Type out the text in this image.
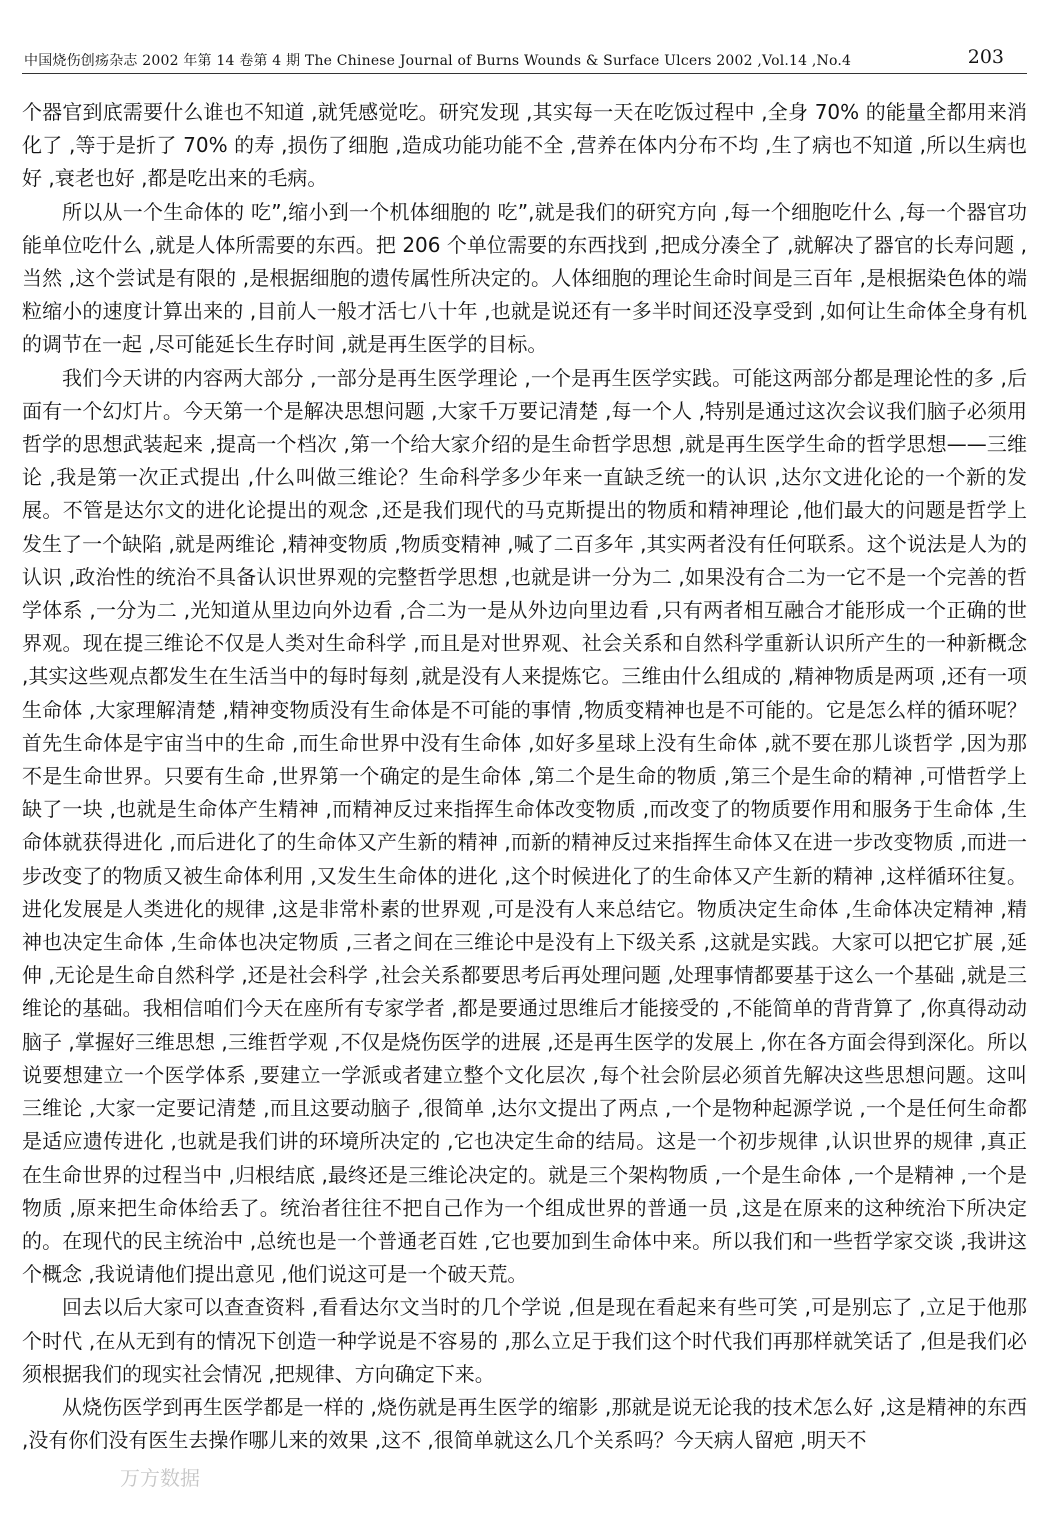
中国烧伤创疡杂志 2002 年第 14 卷第 4 期 The Chinese Journal of Burns Wounds & Surface Ulcers 2002 ,Vol.14 ,No.4	203

个器官到底需要什么谁也不知道 ,就凭感觉吃。研究发现 ,其实每一天在吃饭过程中 ,全身 70% 的能量全都用来消化了 ,等于是折了 70% 的寿 ,损伤了细胞 ,造成功能功能不全 ,营养在体内分布不均 ,生了病也不知道 ,所以生病也好 ,衰老也好 ,都是吃出来的毛病。

所以从一个生命体的 吃”,缩小到一个机体细胞的 吃”,就是我们的研究方向 ,每一个细胞吃什么 ,每一个器官功能单位吃什么 ,就是人体所需要的东西。把 206 个单位需要的东西找到 ,把成分凑全了 ,就解决了器官的长寿问题 ,当然 ,这个尝试是有限的 ,是根据细胞的遗传属性所决定的。人体细胞的理论生命时间是三百年 ,是根据染色体的端粒缩小的速度计算出来的 ,目前人一般才活七八十年 ,也就是说还有一多半时间还没享受到 ,如何让生命体全身有机的调节在一起 ,尽可能延长生存时间 ,就是再生医学的目标。

我们今天讲的内容两大部分 ,一部分是再生医学理论 ,一个是再生医学实践。可能这两部分都是理论性的多 ,后面有一个幻灯片。今天第一个是解决思想问题 ,大家千万要记清楚 ,每一个人 ,特别是通过这次会议我们脑子必须用哲学的思想武装起来 ,提高一个档次 ,第一个给大家介绍的是生命哲学思想 ,就是再生医学生命的哲学思想——三维论 ,我是第一次正式提出 ,什么叫做三维论？生命科学多少年来一直缺乏统一的认识 ,达尔文进化论的一个新的发展。不管是达尔文的进化论提出的观念 ,还是我们现代的马克斯提出的物质和精神理论 ,他们最大的问题是哲学上发生了一个缺陷 ,就是两维论 ,精神变物质 ,物质变精神 ,喊了二百多年 ,其实两者没有任何联系。这个说法是人为的认识 ,政治性的统治不具备认识世界观的完整哲学思想 ,也就是讲一分为二 ,如果没有合二为一它不是一个完善的哲学体系 ,一分为二 ,光知道从里边向外边看 ,合二为一是从外边向里边看 ,只有两者相互融合才能形成一个正确的世界观。现在提三维论不仅是人类对生命科学 ,而且是对世界观、社会关系和自然科学重新认识所产生的一种新概念 ,其实这些观点都发生在生活当中的每时每刻 ,就是没有人来提炼它。三维由什么组成的 ,精神物质是两项 ,还有一项生命体 ,大家理解清楚 ,精神变物质没有生命体是不可能的事情 ,物质变精神也是不可能的。它是怎么样的循环呢？首先生命体是宇宙当中的生命 ,而生命世界中没有生命体 ,如好多星球上没有生命体 ,就不要在那儿谈哲学 ,因为那不是生命世界。只要有生命 ,世界第一个确定的是生命体 ,第二个是生命的物质 ,第三个是生命的精神 ,可惜哲学上缺了一块 ,也就是生命体产生精神 ,而精神反过来指挥生命体改变物质 ,而改变了的物质要作用和服务于生命体 ,生命体就获得进化 ,而后进化了的生命体又产生新的精神 ,而新的精神反过来指挥生命体又在进一步改变物质 ,而进一步改变了的物质又被生命体利用 ,又发生生命体的进化 ,这个时候进化了的生命体又产生新的精神 ,这样循环往复。进化发展是人类进化的规律 ,这是非常朴素的世界观 ,可是没有人来总结它。物质决定生命体 ,生命体决定精神 ,精神也决定生命体 ,生命体也决定物质 ,三者之间在三维论中是没有上下级关系 ,这就是实践。大家可以把它扩展 ,延伸 ,无论是生命自然科学 ,还是社会科学 ,社会关系都要思考后再处理问题 ,处理事情都要基于这么一个基础 ,就是三维论的基础。我相信咱们今天在座所有专家学者 ,都是要通过思维后才能接受的 ,不能简单的背背算了 ,你真得动动脑子 ,掌握好三维思想 ,三维哲学观 ,不仅是烧伤医学的进展 ,还是再生医学的发展上 ,你在各方面会得到深化。所以说要想建立一个医学体系 ,要建立一学派或者建立整个文化层次 ,每个社会阶层必须首先解决这些思想问题。这叫三维论 ,大家一定要记清楚 ,而且这要动脑子 ,很简单 ,达尔文提出了两点 ,一个是物种起源学说 ,一个是任何生命都是适应遗传进化 ,也就是我们讲的环境所决定的 ,它也决定生命的结局。这是一个初步规律 ,认识世界的规律 ,真正在生命世界的过程当中 ,归根结底 ,最终还是三维论决定的。就是三个架构物质 ,一个是生命体 ,一个是精神 ,一个是物质 ,原来把生命体给丢了。统治者往往不把自己作为一个组成世界的普通一员 ,这是在原来的这种统治下所决定的。在现代的民主统治中 ,总统也是一个普通老百姓 ,它也要加到生命体中来。所以我们和一些哲学家交谈 ,我讲这个概念 ,我说请他们提出意见 ,他们说这可是一个破天荒。

回去以后大家可以查查资料 ,看看达尔文当时的几个学说 ,但是现在看起来有些可笑 ,可是别忘了 ,立足于他那个时代 ,在从无到有的情况下创造一种学说是不容易的 ,那么立足于我们这个时代我们再那样就笑话了 ,但是我们必须根据我们的现实社会情况 ,把规律、方向确定下来。

从烧伤医学到再生医学都是一样的 ,烧伤就是再生医学的缩影 ,那就是说无论我的技术怎么好 ,这是精神的东西 ,没有你们没有医生去操作哪儿来的效果 ,这不 ,很简单就这么几个关系吗？今天病人留疤 ,明天不

万方数据
